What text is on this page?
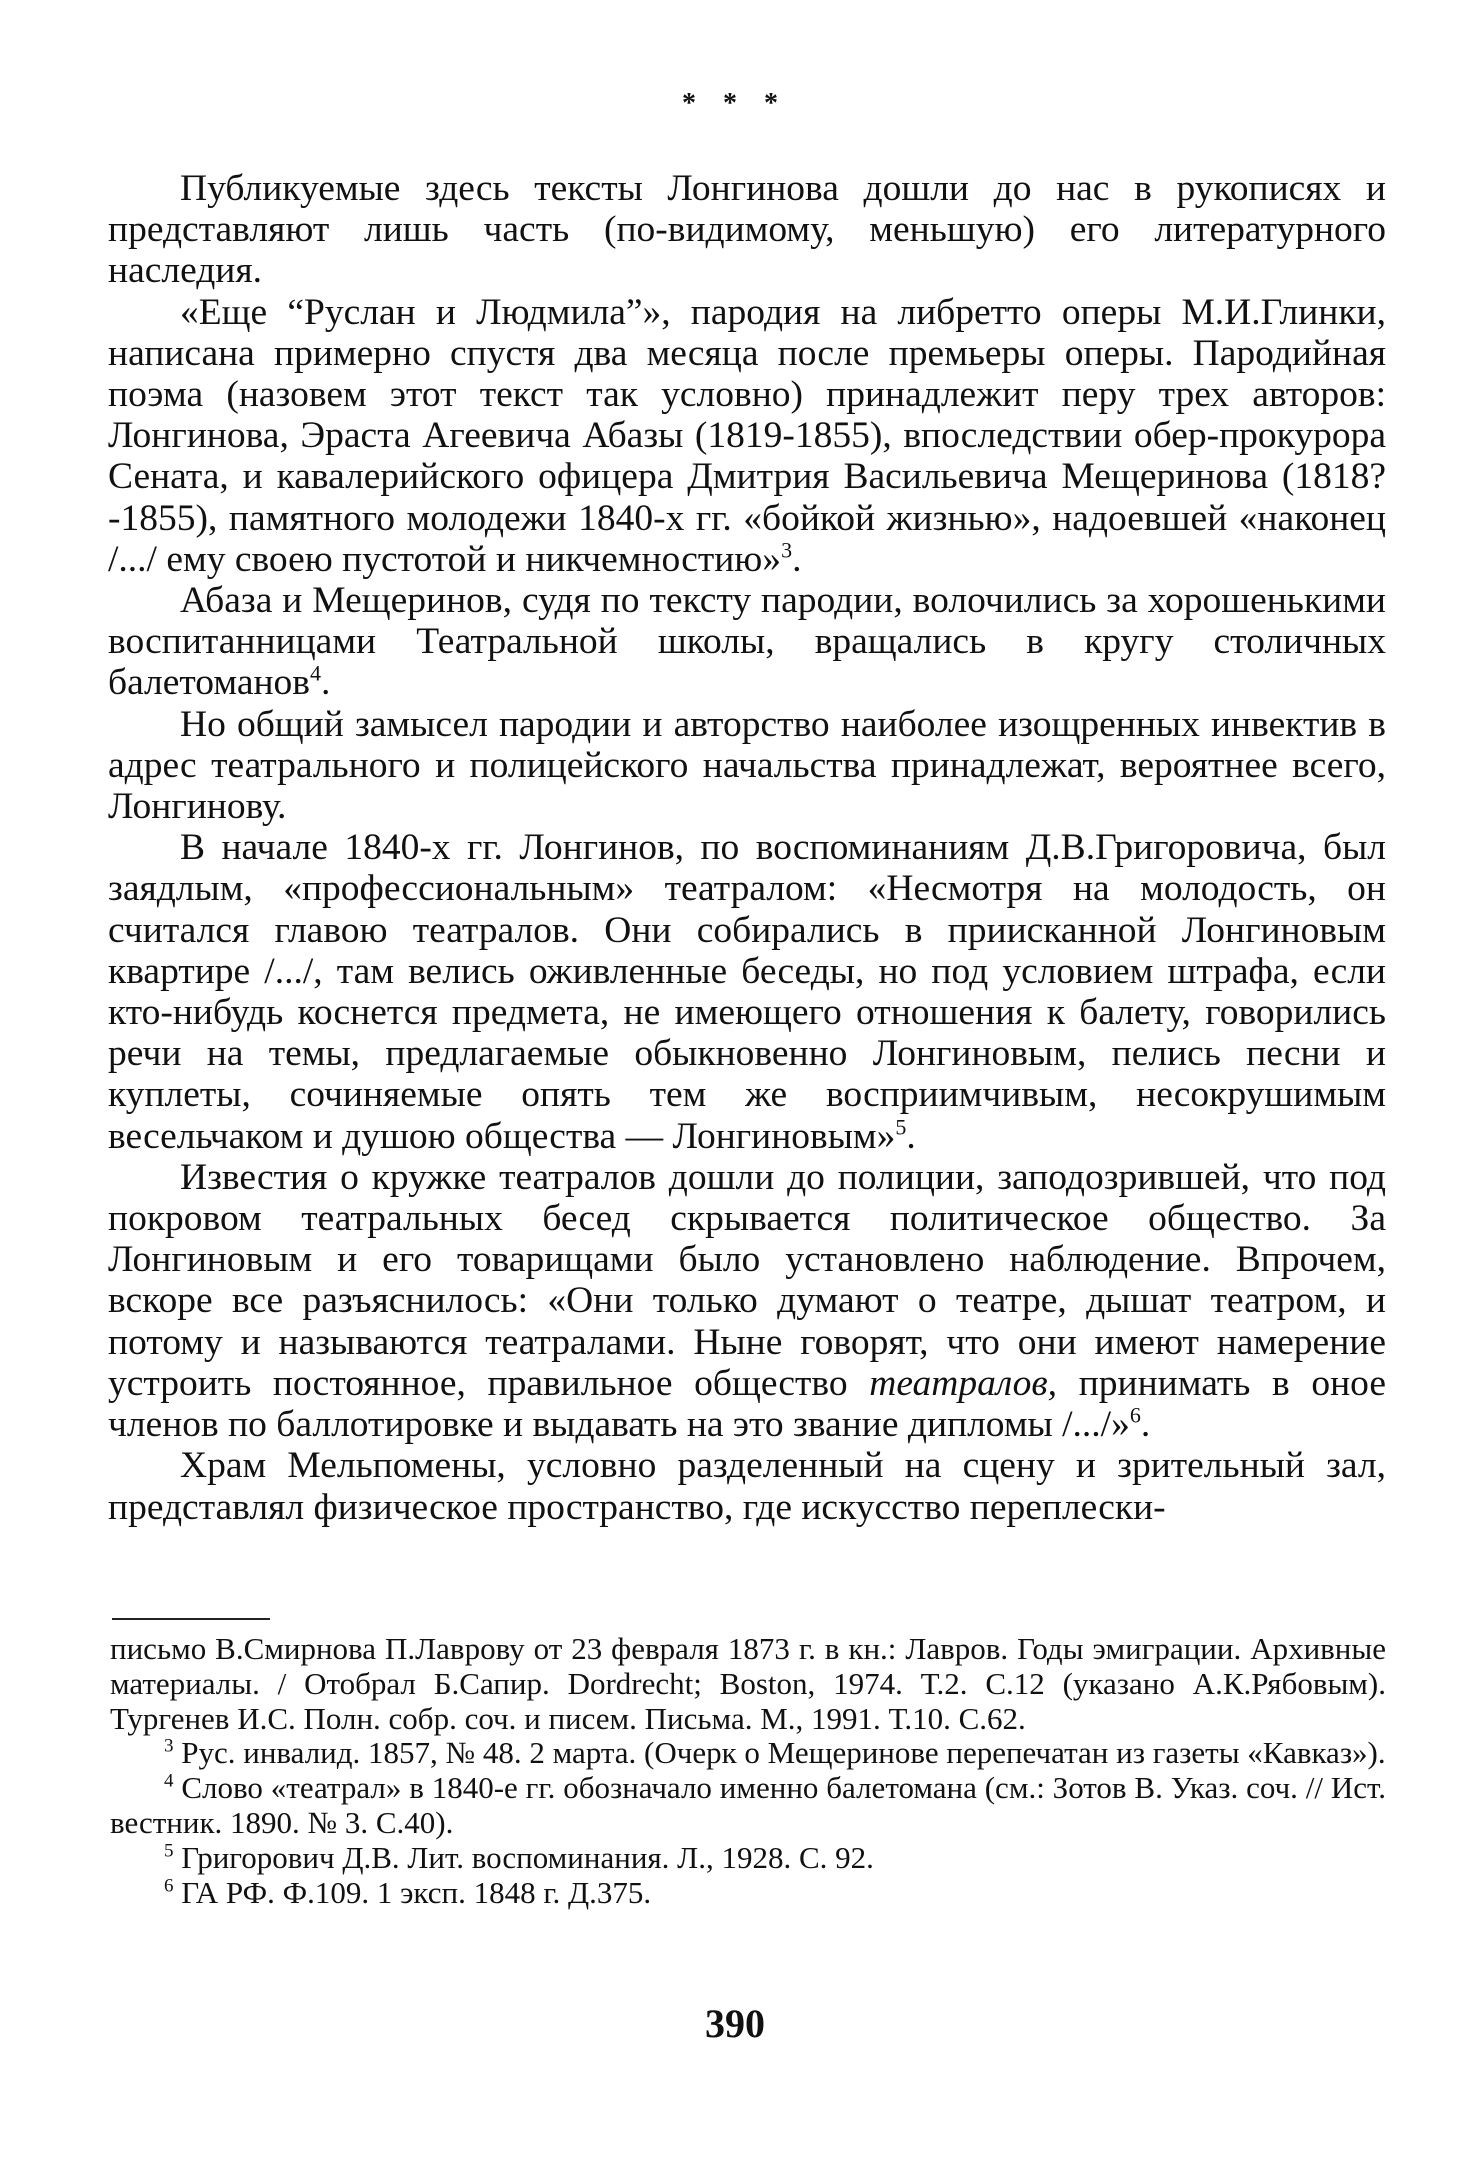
* * *

Публикуемые здесь тексты Лонгинова дошли до нас в рукописях и представляют лишь часть (по-видимому, меньшую) его литературного наследия.

«Еще “Руслан и Людмила”», пародия на либретто оперы М.И.Глинки, написана примерно спустя два месяца после премьеры оперы. Пародийная поэма (назовем этот текст так условно) принадлежит перу трех авторов: Лонгинова, Эраста Агеевича Абазы (1819-1855), впоследствии обер-прокурора Сената, и кавалерийского офицера Дмитрия Васильевича Мещеринова (1818?-1855), памятного молодежи 1840-х гг. «бойкой жизнью», надоевшей «наконец /.../ ему своею пустотой и никчемностию»$^3$.

Абаза и Мещеринов, судя по тексту пародии, волочились за хорошенькими воспитанницами Театральной школы, вращались в кругу столичных балетоманов$^4$.

Но общий замысел пародии и авторство наиболее изощренных инвектив в адрес театрального и полицейского начальства принадлежат, вероятнее всего, Лонгинову.

В начале 1840-х гг. Лонгинов, по воспоминаниям Д.В.Григоровича, был заядлым, «профессиональным» театралом: «Несмотря на молодость, он считался главою театралов. Они собирались в прииcканной Лонгиновым квартире /.../, там велись оживленные беседы, но под условием штрафа, если кто-нибудь коснется предмета, не имеющего отношения к балету, говорились речи на темы, предлагаемые обыкновенно Лонгиновым, пелись песни и куплеты, сочиняемые опять тем же восприимчивым, несокрушимым весельчаком и душою общества — Лонгиновым»$^5$.

Известия о кружке театралов дошли до полиции, заподозрившей, что под покровом театральных бесед скрывается политическое общество. За Лонгиновым и его товарищами было установлено наблюдение. Впрочем, вскоре все разъяснилось: «Они только думают о театре, дышат театром, и потому и называются театралами. Ныне говорят, что они имеют намерение устроить постоянное, правильное общество театралов, принимать в оное членов по баллотировке и выдавать на это звание дипломы /.../»$^6$.

Храм Мельпомены, условно разделенный на сцену и зрительный зал, представлял физическое пространство, где искусство переплески-

письмо В.Смирнова П.Лаврову от 23 февраля 1873 г. в кн.: Лавров. Годы эмиграции. Архивные материалы. / Отобрал Б.Сапир. Dordrecht; Boston, 1974. Т.2. С.12 (указано А.К.Рябовым). Тургенев И.С. Полн. собр. соч. и писем. Письма. М., 1991. Т.10. С.62.

$^3$ Рус. инвалид. 1857, № 48. 2 марта. (Очерк о Мещеринове перепечатан из газеты «Кавказ»).

$^4$ Слово «театрал» в 1840-е гг. обозначало именно балетомана (см.: Зотов В. Указ. соч. // Ист. вестник. 1890. № 3. С.40).

$^5$ Григорович Д.В. Лит. воспоминания. Л., 1928. С. 92.

$^6$ ГА РФ. Ф.109. 1 эксп. 1848 г. Д.375.

390
